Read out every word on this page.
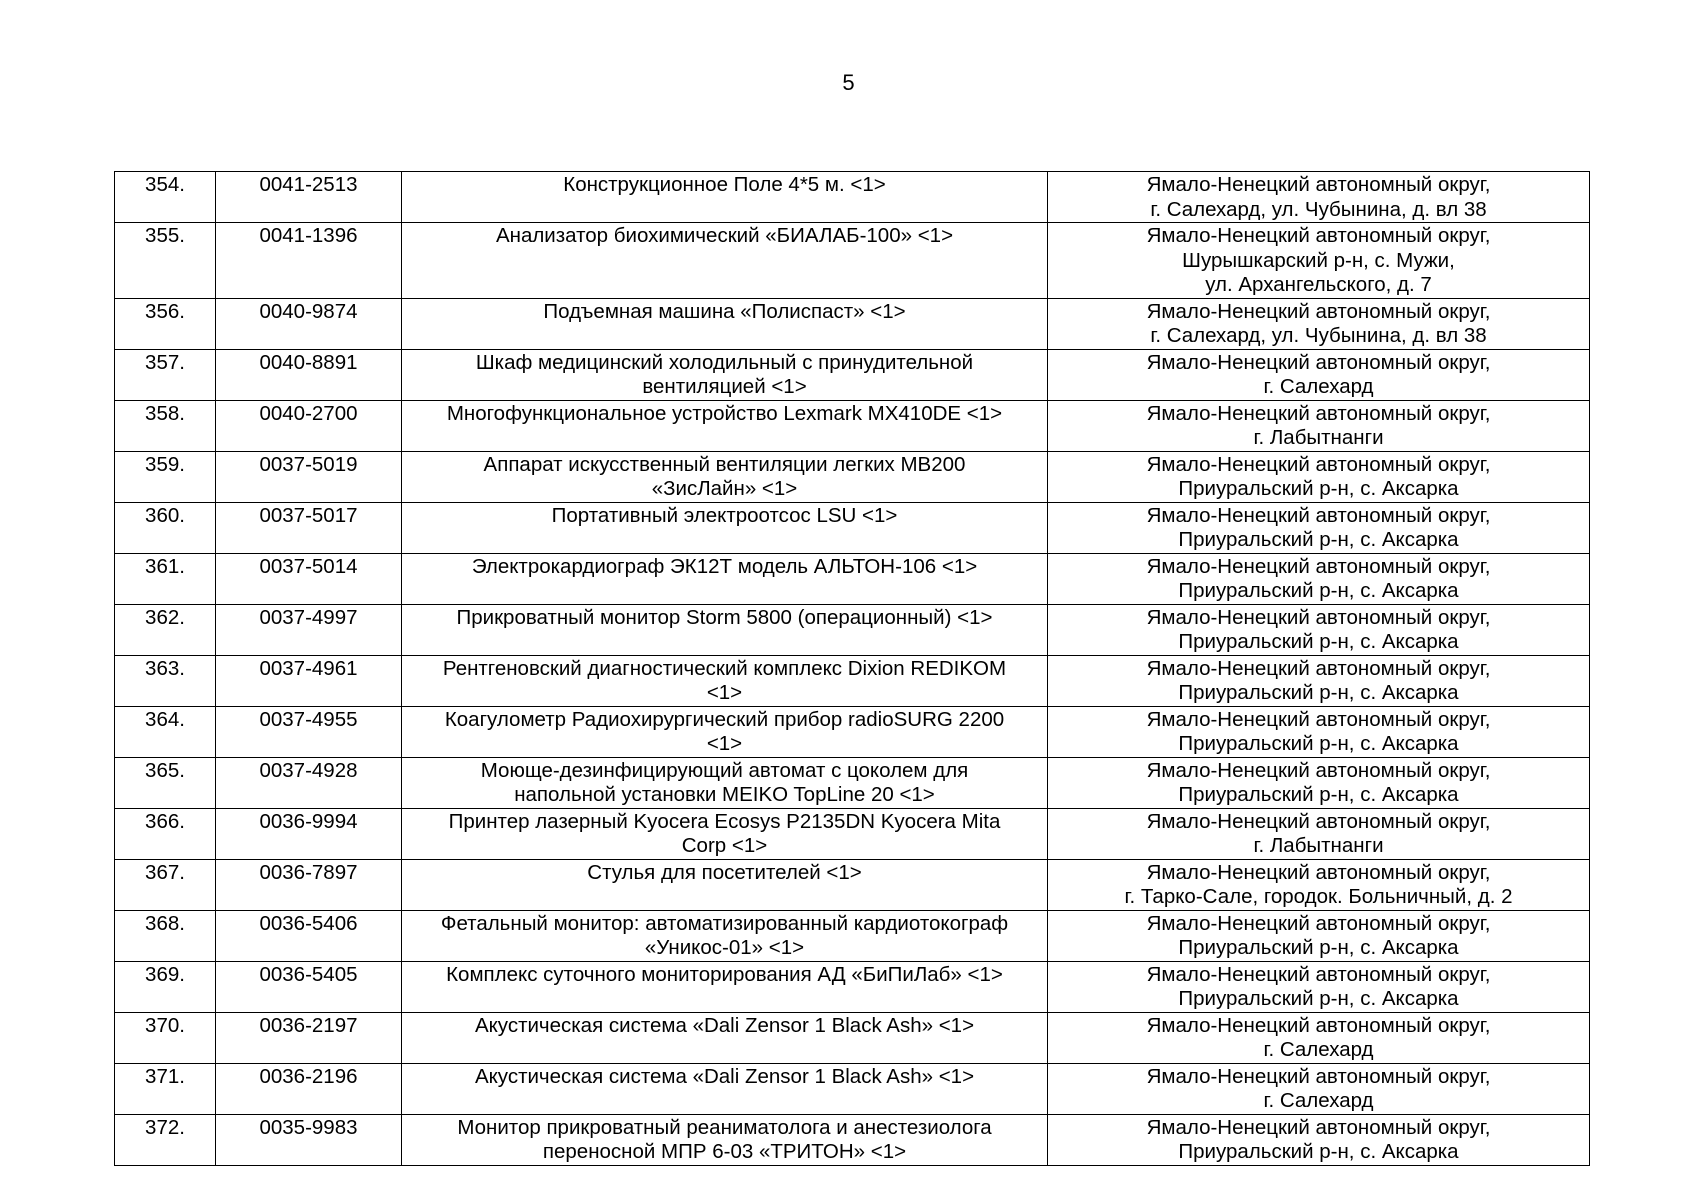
5
354.	0041-2513	Конструкционное Поле 4*5 м. <1>	Ямало-Ненецкий автономный округ,
г. Салехард, ул. Чубынина, д. вл 38

355.	0041-1396	Анализатор биохимический «БИАЛАБ-100» <1>	Ямало-Ненецкий автономный округ,
Шурышкарский р-н, с. Мужи,
ул. Архангельского, д. 7

356.	0040-9874	Подъемная машина «Полиспаст» <1>	Ямало-Ненецкий автономный округ,
г. Салехард, ул. Чубынина, д. вл 38

357.	0040-8891	Шкаф медицинский холодильный с принудительной
вентиляцией <1>	Ямало-Ненецкий автономный округ,
г. Салехард

358.	0040-2700	Многофункциональное устройство Lexmark MX410DE <1>	Ямало-Ненецкий автономный округ,
г. Лабытнанги

359.	0037-5019	Аппарат искусственный вентиляции легких МВ200
«ЗисЛайн» <1>	Ямало-Ненецкий автономный округ,
Приуральский р-н, с. Аксарка

360.	0037-5017	Портативный электроотсос LSU <1>	Ямало-Ненецкий автономный округ,
Приуральский р-н, с. Аксарка

361.	0037-5014	Электрокардиограф ЭК12Т модель АЛЬТОН-106 <1>	Ямало-Ненецкий автономный округ,
Приуральский р-н, с. Аксарка

362.	0037-4997	Прикроватный монитор Storm 5800 (операционный) <1>	Ямало-Ненецкий автономный округ,
Приуральский р-н, с. Аксарка

363.	0037-4961	Рентгеновский диагностический комплекс Dixion REDIKOM
<1>	Ямало-Ненецкий автономный округ,
Приуральский р-н, с. Аксарка

364.	0037-4955	Коагулометр Радиохирургический прибор radioSURG 2200
<1>	Ямало-Ненецкий автономный округ,
Приуральский р-н, с. Аксарка

365.	0037-4928	Моюще-дезинфицирующий автомат с цоколем для
напольной установки MEIKO TopLine 20 <1>	Ямало-Ненецкий автономный округ,
Приуральский р-н, с. Аксарка

366.	0036-9994	Принтер лазерный Kyocera Ecosys P2135DN Kyocera Mita
Corp <1>	Ямало-Ненецкий автономный округ,
г. Лабытнанги

367.	0036-7897	Стулья для посетителей <1>	Ямало-Ненецкий автономный округ,
г. Тарко-Сале, городок. Больничный, д. 2

368.	0036-5406	Фетальный монитор: автоматизированный кардиотокограф
«Уникос-01» <1>	Ямало-Ненецкий автономный округ,
Приуральский р-н, с. Аксарка

369.	0036-5405	Комплекс суточного мониторирования АД «БиПиЛаб» <1>	Ямало-Ненецкий автономный округ,
Приуральский р-н, с. Аксарка

370.	0036-2197	Акустическая система «Dali Zensor 1 Black Ash» <1>	Ямало-Ненецкий автономный округ,
г. Салехард

371.	0036-2196	Акустическая система «Dali Zensor 1 Black Ash» <1>	Ямало-Ненецкий автономный округ,
г. Салехард

372.	0035-9983	Монитор прикроватный реаниматолога и анестезиолога
переносной МПР 6-03 «ТРИТОН» <1>	Ямало-Ненецкий автономный округ,
Приуральский р-н, с. Аксарка
